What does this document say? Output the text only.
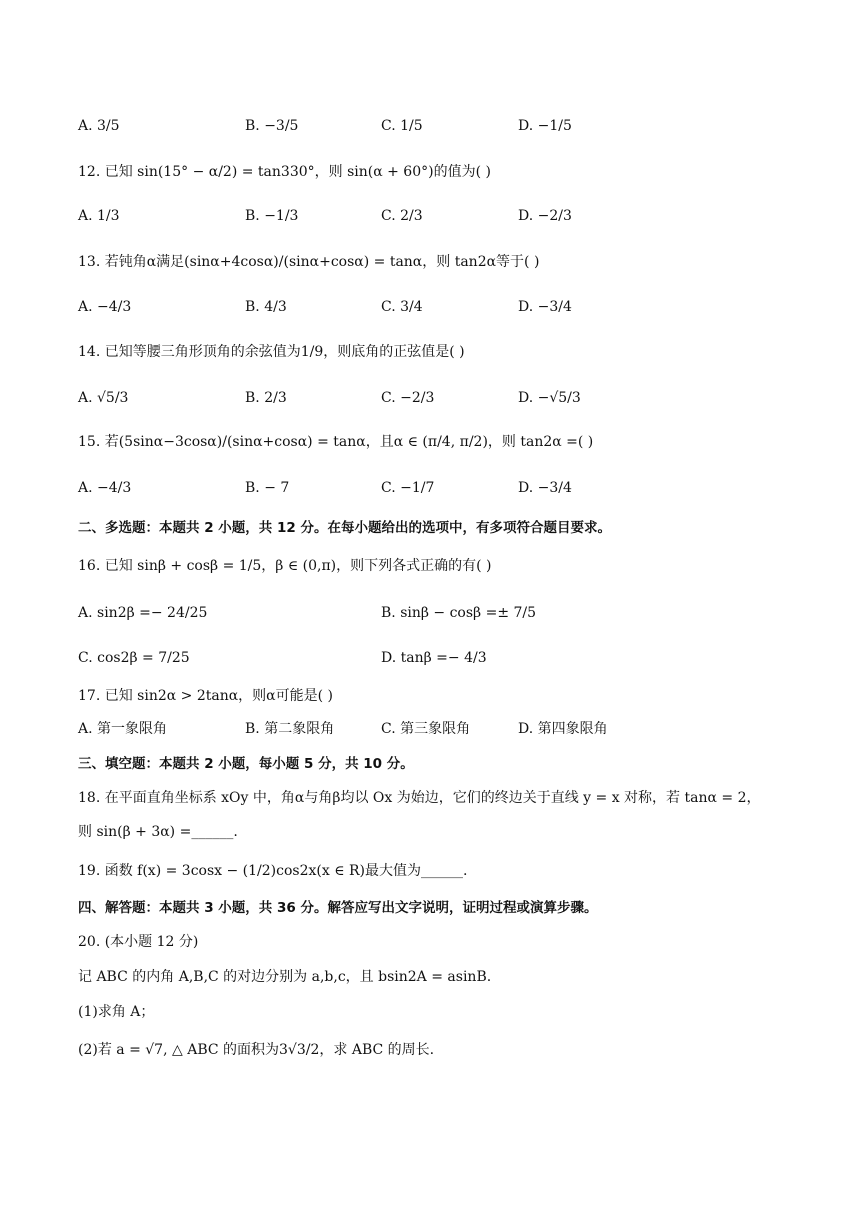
A. 3/5	B. −3/5	C. 1/5	D. −1/5
12. 已知 sin(15° − α/2) = tan330°，则 sin(α + 60°)的值为( )
A. 1/3	B. −1/3	C. 2/3	D. −2/3
13. 若钝角α满足(sinα+4cosα)/(sinα+cosα) = tanα，则 tan2α等于( )
A. −4/3	B. 4/3	C. 3/4	D. −3/4
14. 已知等腰三角形顶角的余弦值为1/9，则底角的正弦值是( )
A. √5/3	B. 2/3	C. −2/3	D. −√5/3
15. 若(5sinα−3cosα)/(sinα+cosα) = tanα，且α ∈ (π/4, π/2)，则 tan2α =( )
A. −4/3	B. − 7	C. −1/7	D. −3/4
二、多选题：本题共 2 小题，共 12 分。在每小题给出的选项中，有多项符合题目要求。
16. 已知 sinβ + cosβ = 1/5，β ∈ (0,π)，则下列各式正确的有( )
A. sin2β =− 24/25	B. sinβ − cosβ =± 7/5
C. cos2β = 7/25	D. tanβ =− 4/3
17. 已知 sin2α > 2tanα，则α可能是( )
A. 第一象限角	B. 第二象限角	C. 第三象限角	D. 第四象限角
三、填空题：本题共 2 小题，每小题 5 分，共 10 分。
18. 在平面直角坐标系 xOy 中，角α与角β均以 Ox 为始边，它们的终边关于直线 y = x 对称，若 tanα = 2，
则 sin(β + 3α) =______.
19. 函数 f(x) = 3cosx − (1/2)cos2x(x ∈ R)最大值为______.
四、解答题：本题共 3 小题，共 36 分。解答应写出文字说明，证明过程或演算步骤。
20. (本小题 12 分)
记 ABC 的内角 A,B,C 的对边分别为 a,b,c，且 bsin2A = asinB.
(1)求角 A；
(2)若 a = √7, △ ABC 的面积为3√3/2，求 ABC 的周长.
